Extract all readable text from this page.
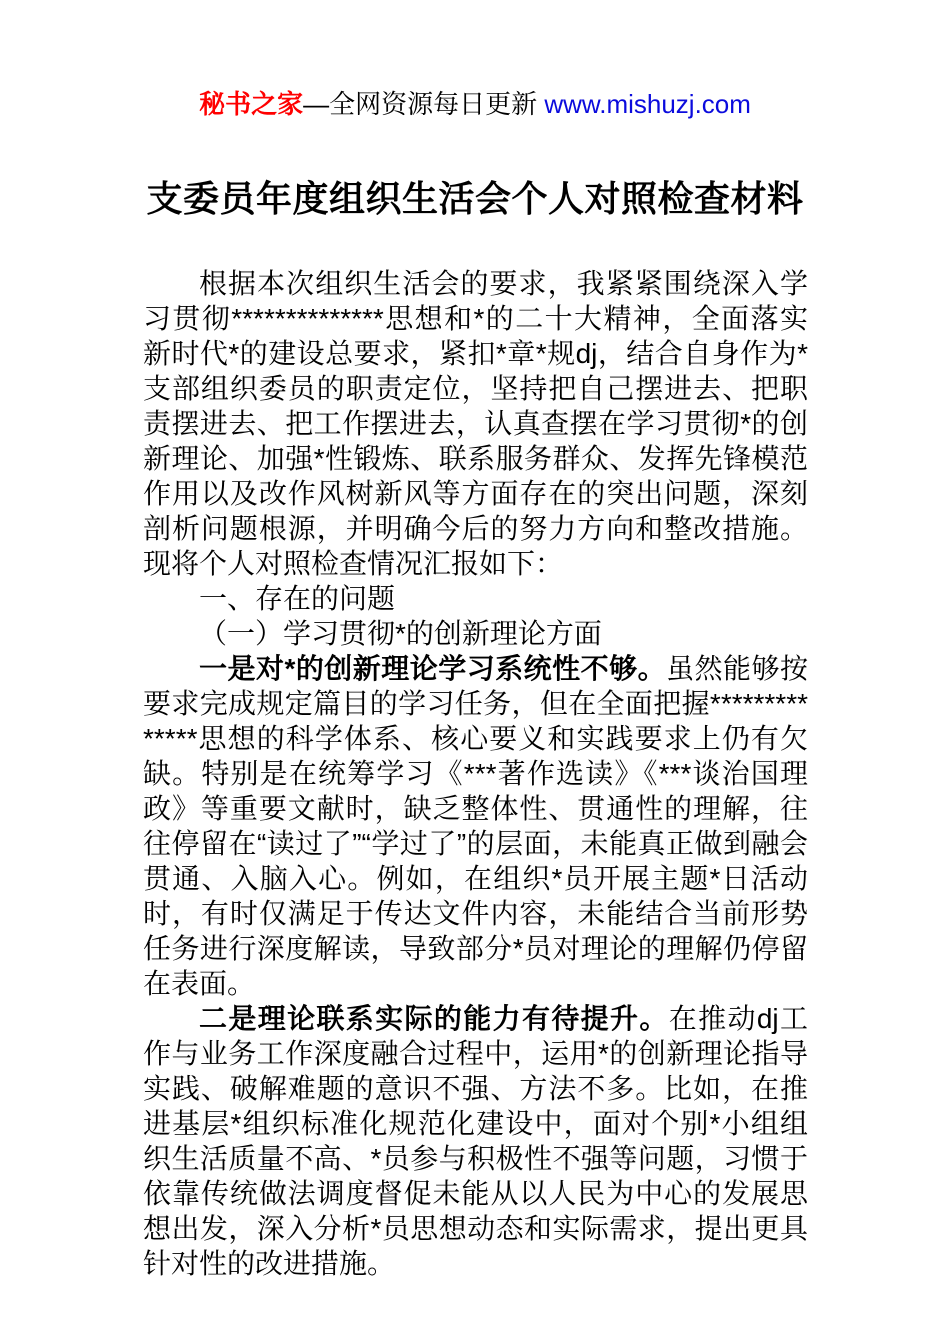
秘书之家—全网资源每日更新 www.mishuzj.com
支委员年度组织生活会个人对照检查材料

根据本次组织生活会的要求，我紧紧围绕深入学习贯彻**************思想和*的二十大精神，全面落实新时代*的建设总要求，紧扣*章*规dj，结合自身作为*支部组织委员的职责定位，坚持把自己摆进去、把职责摆进去、把工作摆进去，认真查摆在学习贯彻*的创新理论、加强*性锻炼、联系服务群众、发挥先锋模范作用以及改作风树新风等方面存在的突出问题，深刻剖析问题根源，并明确今后的努力方向和整改措施。现将个人对照检查情况汇报如下：

一、存在的问题

（一）学习贯彻*的创新理论方面

一是对*的创新理论学习系统性不够。虽然能够按要求完成规定篇目的学习任务，但在全面把握**************思想的科学体系、核心要义和实践要求上仍有欠缺。特别是在统筹学习《***著作选读》《***谈治国理政》等重要文献时，缺乏整体性、贯通性的理解，往往停留在“读过了”“学过了”的层面，未能真正做到融会贯通、入脑入心。例如，在组织*员开展主题*日活动时，有时仅满足于传达文件内容，未能结合当前形势任务进行深度解读，导致部分*员对理论的理解仍停留在表面。

二是理论联系实际的能力有待提升。在推动dj工作与业务工作深度融合过程中，运用*的创新理论指导实践、破解难题的意识不强、方法不多。比如，在推进基层*组织标准化规范化建设中，面对个别*小组组织生活质量不高、*员参与积极性不强等问题，习惯于依靠传统做法调度督促未能从以人民为中心的发展思想出发，深入分析*员思想动态和实际需求，提出更具针对性的改进措施。
